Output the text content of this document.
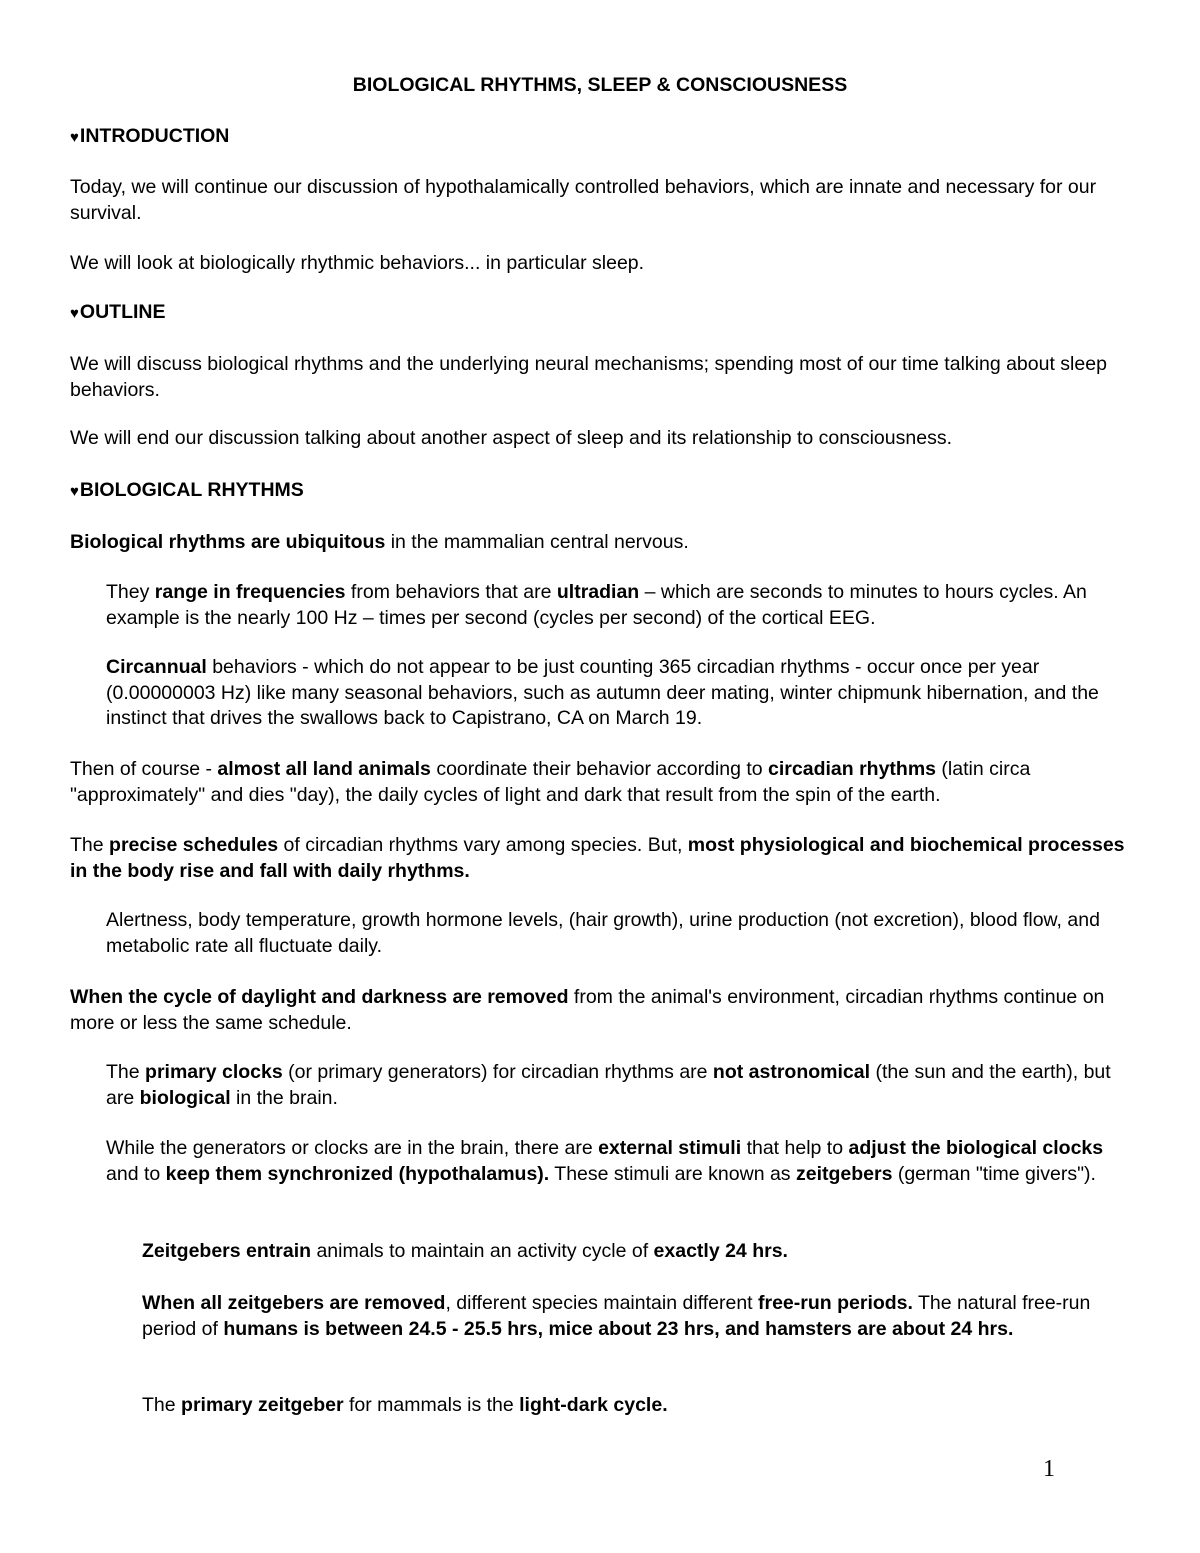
BIOLOGICAL RHYTHMS, SLEEP & CONSCIOUSNESS
♥INTRODUCTION
Today, we will continue our discussion of hypothalamically controlled behaviors, which are innate and necessary for our survival.
We will look at biologically rhythmic behaviors... in particular sleep.
♥OUTLINE
We will discuss biological rhythms and the underlying neural mechanisms; spending most of our time talking about sleep behaviors.
We will end our discussion talking about another aspect of sleep and its relationship to consciousness.
♥BIOLOGICAL RHYTHMS
Biological rhythms are ubiquitous in the mammalian central nervous.
They range in frequencies from behaviors that are ultradian – which are seconds to minutes to hours cycles. An example is the nearly 100 Hz – times per second (cycles per second) of the cortical EEG.
Circannual behaviors - which do not appear to be just counting 365 circadian rhythms - occur once per year (0.00000003 Hz) like many seasonal behaviors, such as autumn deer mating, winter chipmunk hibernation, and the instinct that drives the swallows back to Capistrano, CA on March 19.
Then of course - almost all land animals coordinate their behavior according to circadian rhythms (latin circa "approximately" and dies "day), the daily cycles of light and dark that result from the spin of the earth.
The precise schedules of circadian rhythms vary among species. But, most physiological and biochemical processes in the body rise and fall with daily rhythms.
Alertness, body temperature, growth hormone levels, (hair growth), urine production (not excretion), blood flow, and metabolic rate all fluctuate daily.
When the cycle of daylight and darkness are removed from the animal's environment, circadian rhythms continue on more or less the same schedule.
The primary clocks (or primary generators) for circadian rhythms are not astronomical (the sun and the earth), but are biological in the brain.
While the generators or clocks are in the brain, there are external stimuli that help to adjust the biological clocks and to keep them synchronized (hypothalamus). These stimuli are known as zeitgebers (german "time givers").
Zeitgebers entrain animals to maintain an activity cycle of exactly 24 hrs.
When all zeitgebers are removed, different species maintain different free-run periods. The natural free-run period of humans is between 24.5 - 25.5 hrs, mice about 23 hrs, and hamsters are about 24 hrs.
The primary zeitgeber for mammals is the light-dark cycle.
1
